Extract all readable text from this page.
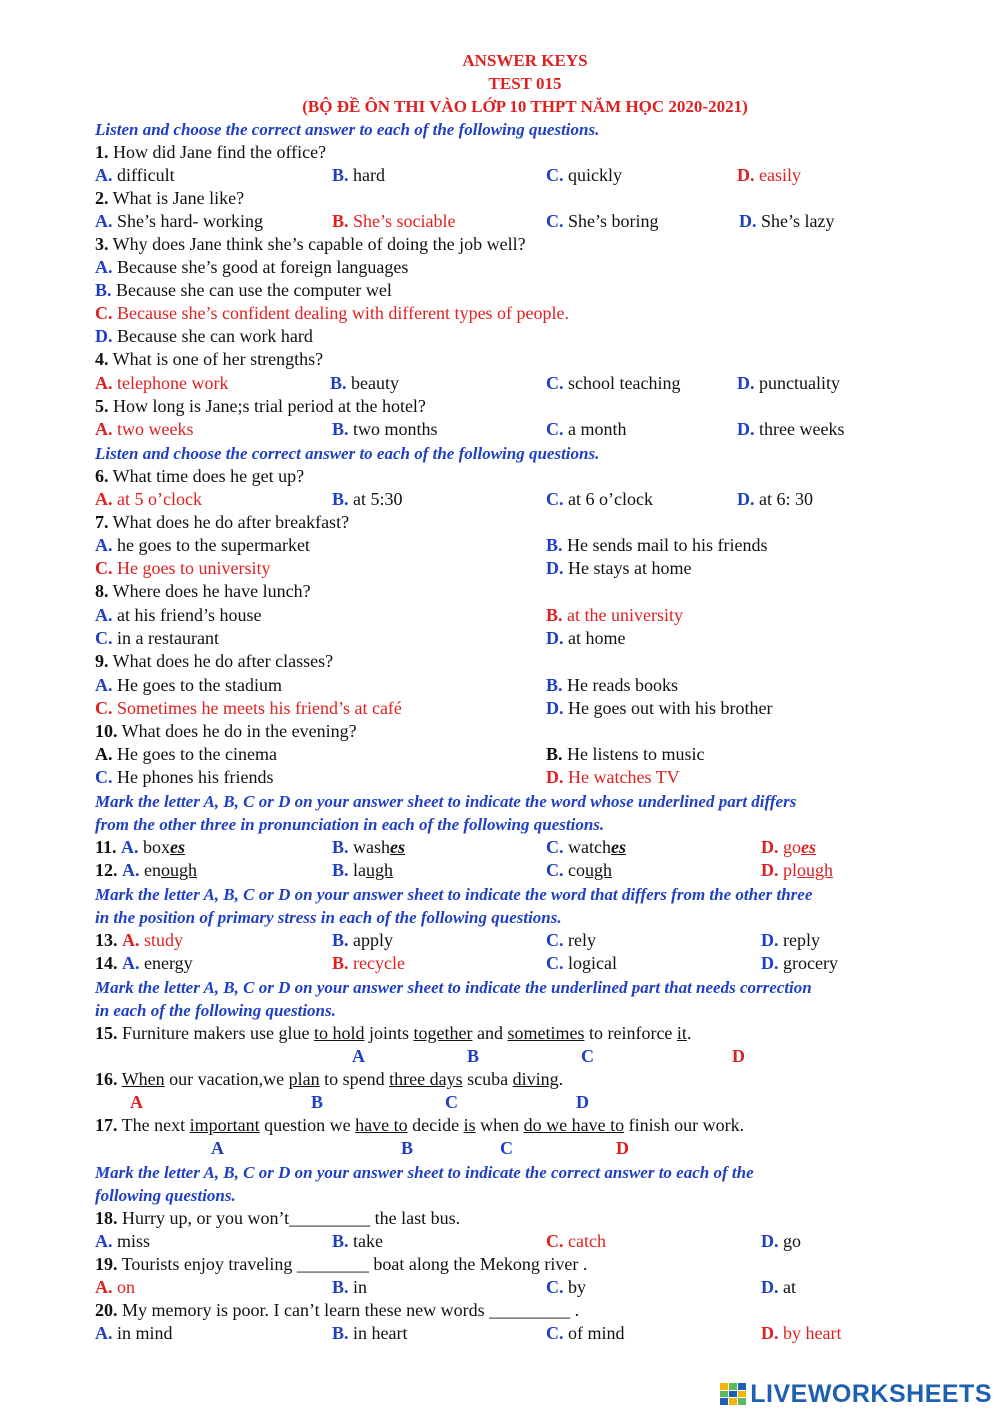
ANSWER KEYS
TEST 015
(BỘ ĐỀ ÔN THI VÀO LỚP 10 THPT NĂM HỌC 2020-2021)
Listen and choose the correct answer to each of the following questions.
1. How did Jane find the office?
A. difficult	B. hard	C. quickly	D. easily
2. What is Jane like?
A. She’s hard- working	B. She’s sociable	C. She’s boring	D. She’s lazy
3. Why does Jane think she’s capable of doing the job well?
A. Because she’s good at foreign languages
B. Because she can use the computer wel
C. Because she’s confident dealing with different types of people.
D. Because she can work hard
4. What is one of her strengths?
A. telephone work	B. beauty	C. school teaching	D. punctuality
5. How long is Jane;s trial period at the hotel?
A. two weeks	B. two months	C. a month	D. three weeks
Listen and choose the correct answer to each of the following questions.
6. What time does he get up?
A. at 5 o’clock	B. at 5:30	C. at 6 o’clock	D. at 6: 30
7. What does he do after breakfast?
A. he goes to the supermarket	B. He sends mail to his friends
C. He goes to university	D. He stays at home
8. Where does he have lunch?
A. at his friend’s house	B. at the university
C. in a restaurant	D. at home
9. What does he do after classes?
A. He goes to the stadium	B. He reads books
C. Sometimes he meets his friend’s at café	D. He goes out with his brother
10. What does he do in the evening?
A. He goes to the cinema	B. He listens to music
C. He phones his friends	D. He watches TV
Mark the letter A, B, C or D on your answer sheet to indicate the word whose underlined part differs
from the other three in pronunciation in each of the following questions.
11. A. boxes	B. washes	C. watches	D. goes
12. A. enough	B. laugh	C. cough	D. plough
Mark the letter A, B, C or D on your answer sheet to indicate the word that differs from the other three
in the position of primary stress in each of the following questions.
13. A. study	B. apply	C. rely	D. reply
14. A. energy	B. recycle	C. logical	D. grocery
Mark the letter A, B, C or D on your answer sheet to indicate the underlined part that needs correction
in each of the following questions.
15. Furniture makers use glue to hold joints together and sometimes to reinforce it.
A	B	C	D
16. When our vacation,we plan to spend three days scuba diving.
A	B	C	D
17. The next important question we have to decide is when do we have to finish our work.
A	B	C	D
Mark the letter A, B, C or D on your answer sheet to indicate the correct answer to each of the
following questions.
18. Hurry up, or you won’t_________ the last bus.
A. miss	B. take	C. catch	D. go
19. Tourists enjoy traveling ________ boat along the Mekong river .
A. on	B. in	C. by	D. at
20. My memory is poor. I can’t learn these new words _________ .
A. in mind	B. in heart	C. of mind	D. by heart
LIVEWORKSHEETS
